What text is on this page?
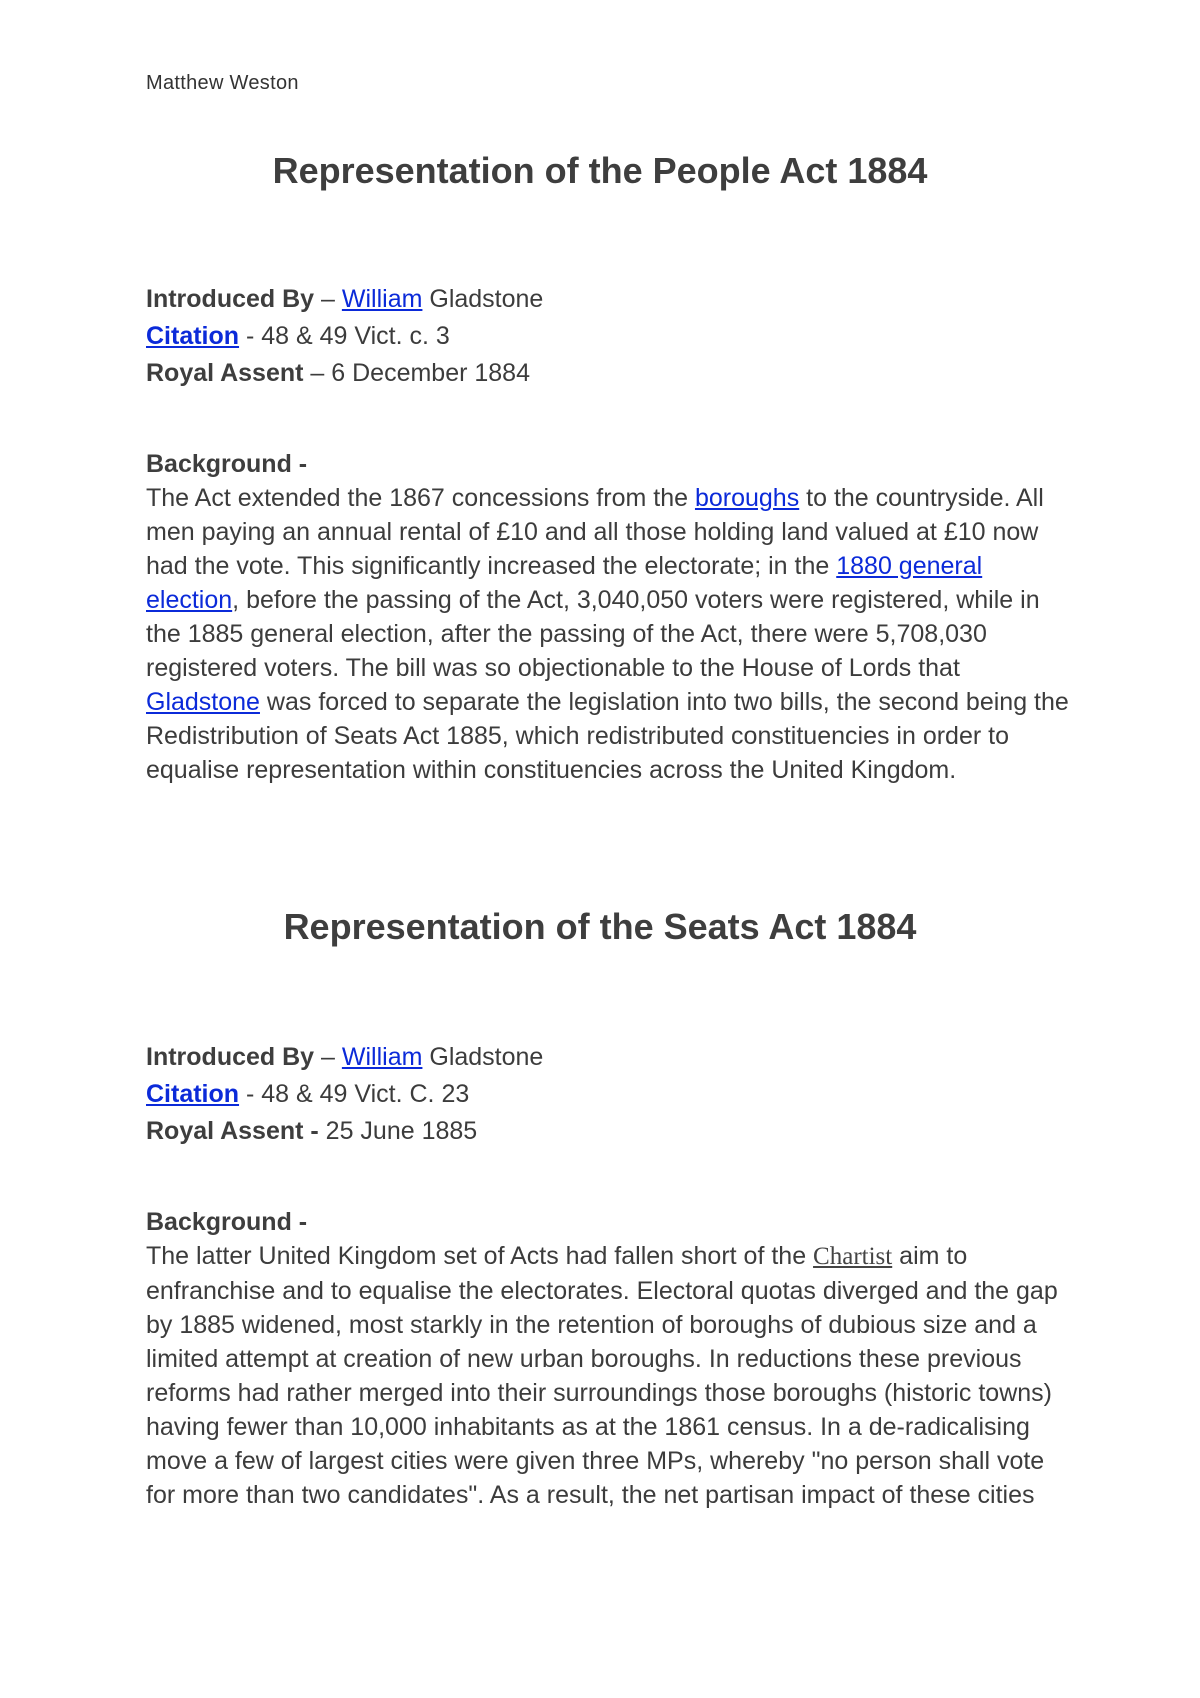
Matthew Weston
Representation of the People Act 1884
Introduced By – William Gladstone
Citation - 48 & 49 Vict. c. 3
Royal Assent – 6 December 1884
Background -
The Act extended the 1867 concessions from the boroughs to the countryside. All men paying an annual rental of £10 and all those holding land valued at £10 now had the vote. This significantly increased the electorate; in the 1880 general election, before the passing of the Act, 3,040,050 voters were registered, while in the 1885 general election, after the passing of the Act, there were 5,708,030 registered voters. The bill was so objectionable to the House of Lords that Gladstone was forced to separate the legislation into two bills, the second being the Redistribution of Seats Act 1885, which redistributed constituencies in order to equalise representation within constituencies across the United Kingdom.
Representation of the Seats Act 1884
Introduced By – William Gladstone
Citation - 48 & 49 Vict. C. 23
Royal Assent - 25 June 1885
Background -
The latter United Kingdom set of Acts had fallen short of the Chartist aim to enfranchise and to equalise the electorates. Electoral quotas diverged and the gap by 1885 widened, most starkly in the retention of boroughs of dubious size and a limited attempt at creation of new urban boroughs. In reductions these previous reforms had rather merged into their surroundings those boroughs (historic towns) having fewer than 10,000 inhabitants as at the 1861 census. In a de-radicalising move a few of largest cities were given three MPs, whereby "no person shall vote for more than two candidates". As a result, the net partisan impact of these cities
